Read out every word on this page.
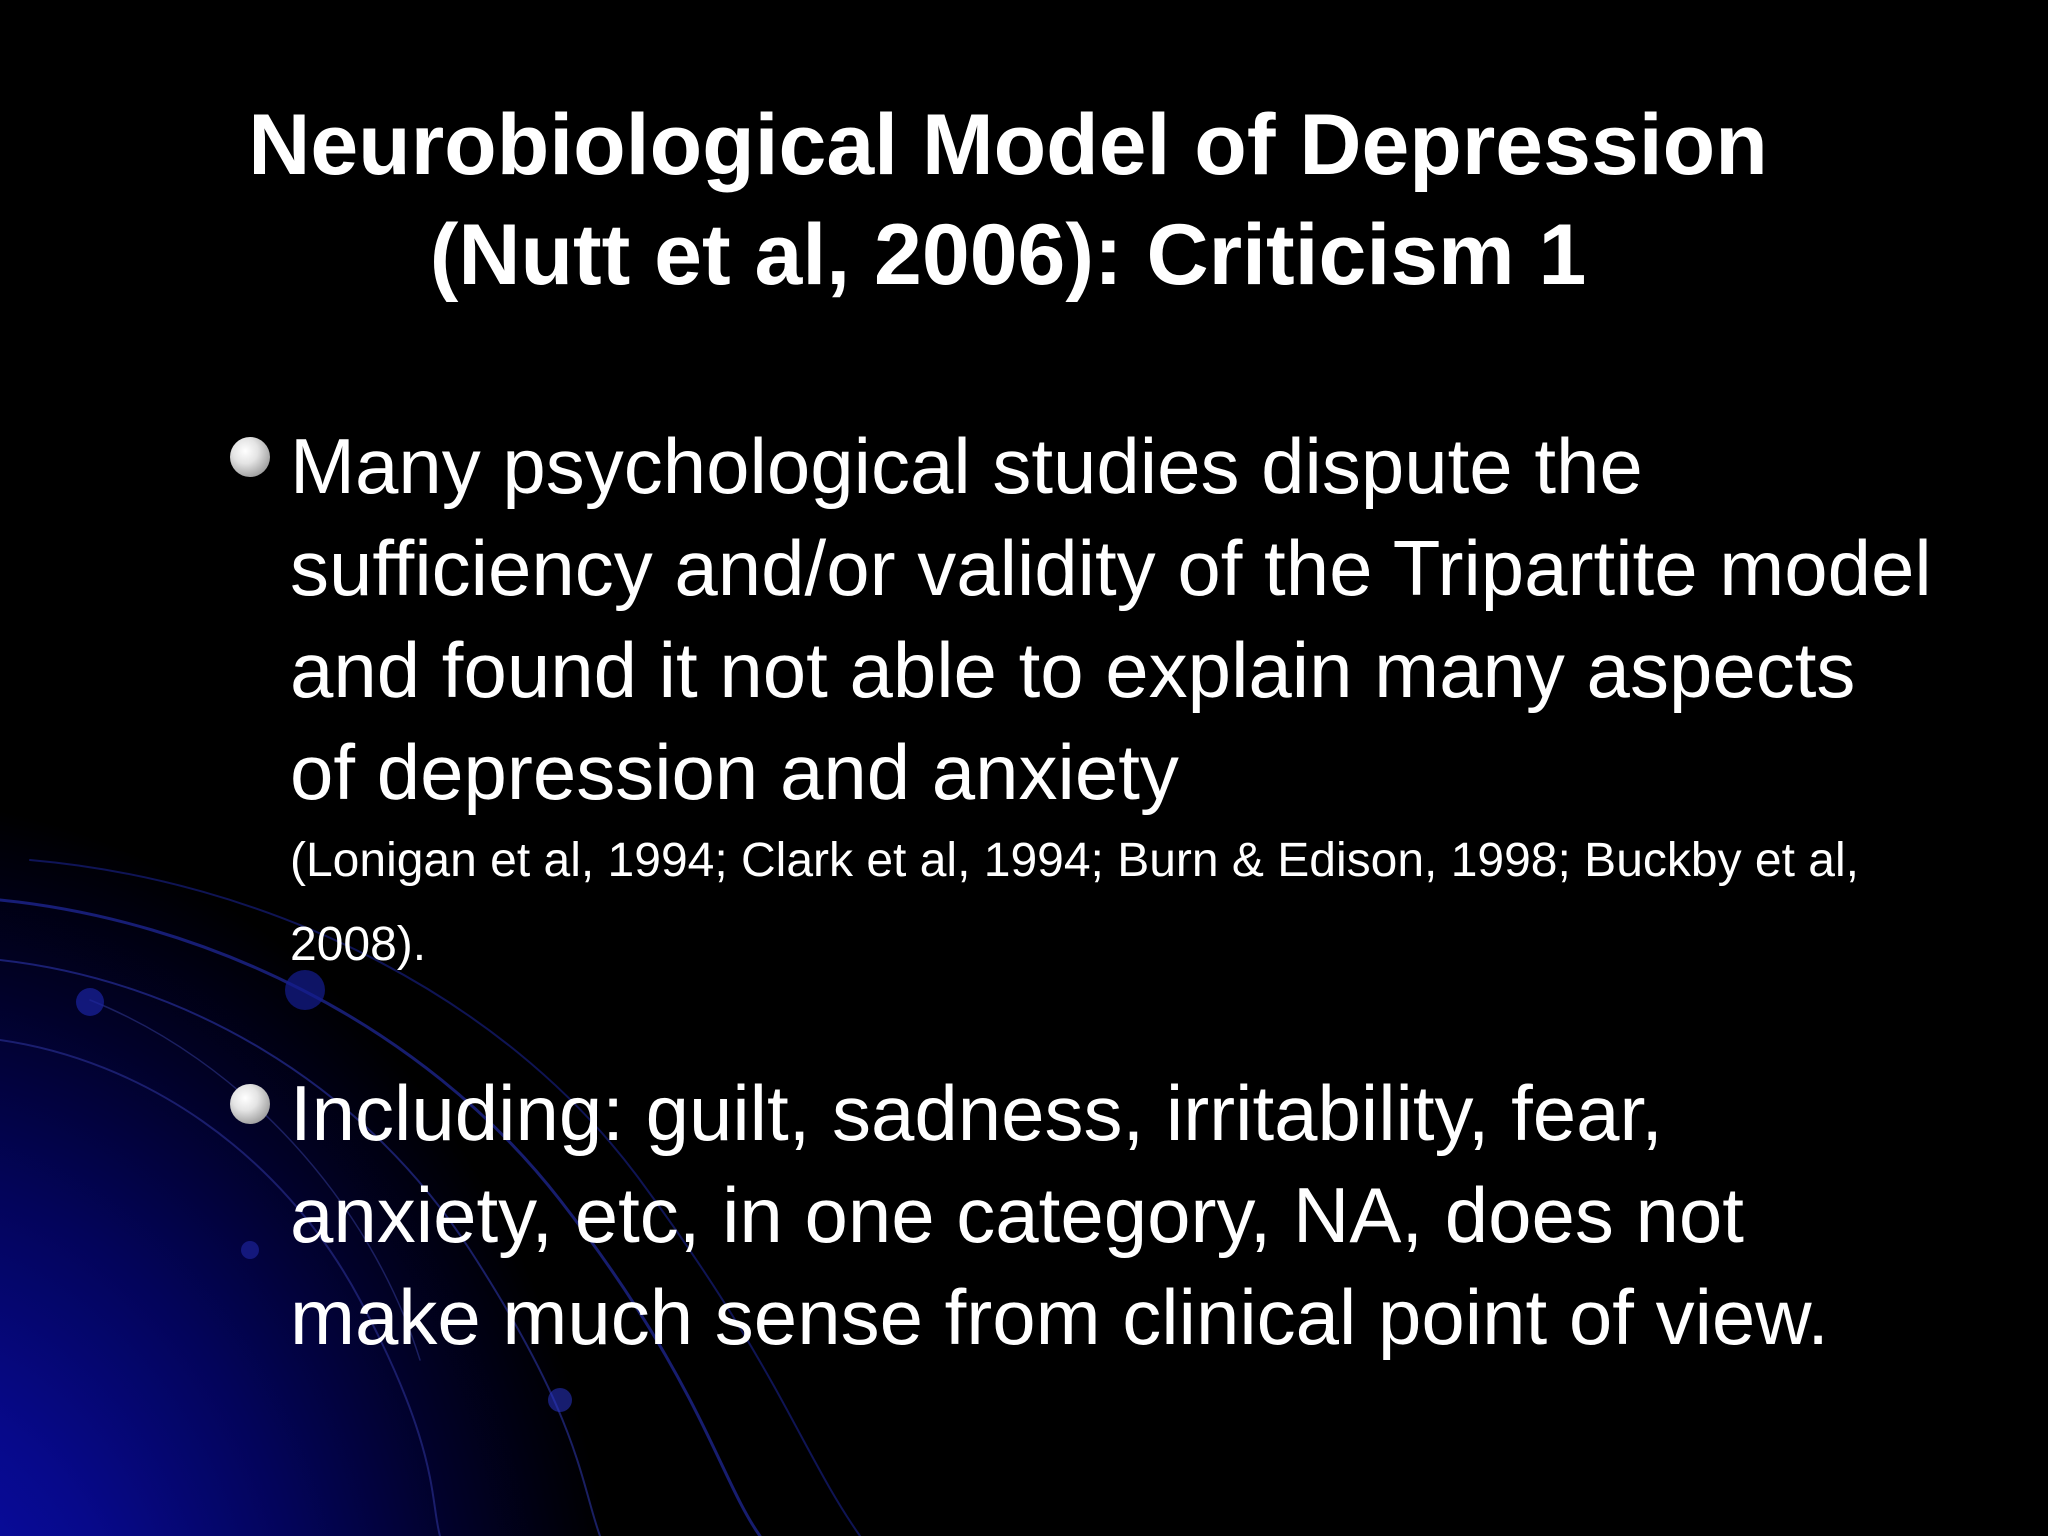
Neurobiological Model of Depression
(Nutt et al, 2006): Criticism 1
Many psychological studies dispute the sufficiency and/or validity of the Tripartite model and found it not able to explain many aspects of depression and anxiety
(Lonigan et al, 1994; Clark et al, 1994; Burn & Edison, 1998; Buckby et al, 2008).
Including: guilt, sadness, irritability, fear, anxiety, etc, in one category, NA, does not make much sense from clinical point of view.
